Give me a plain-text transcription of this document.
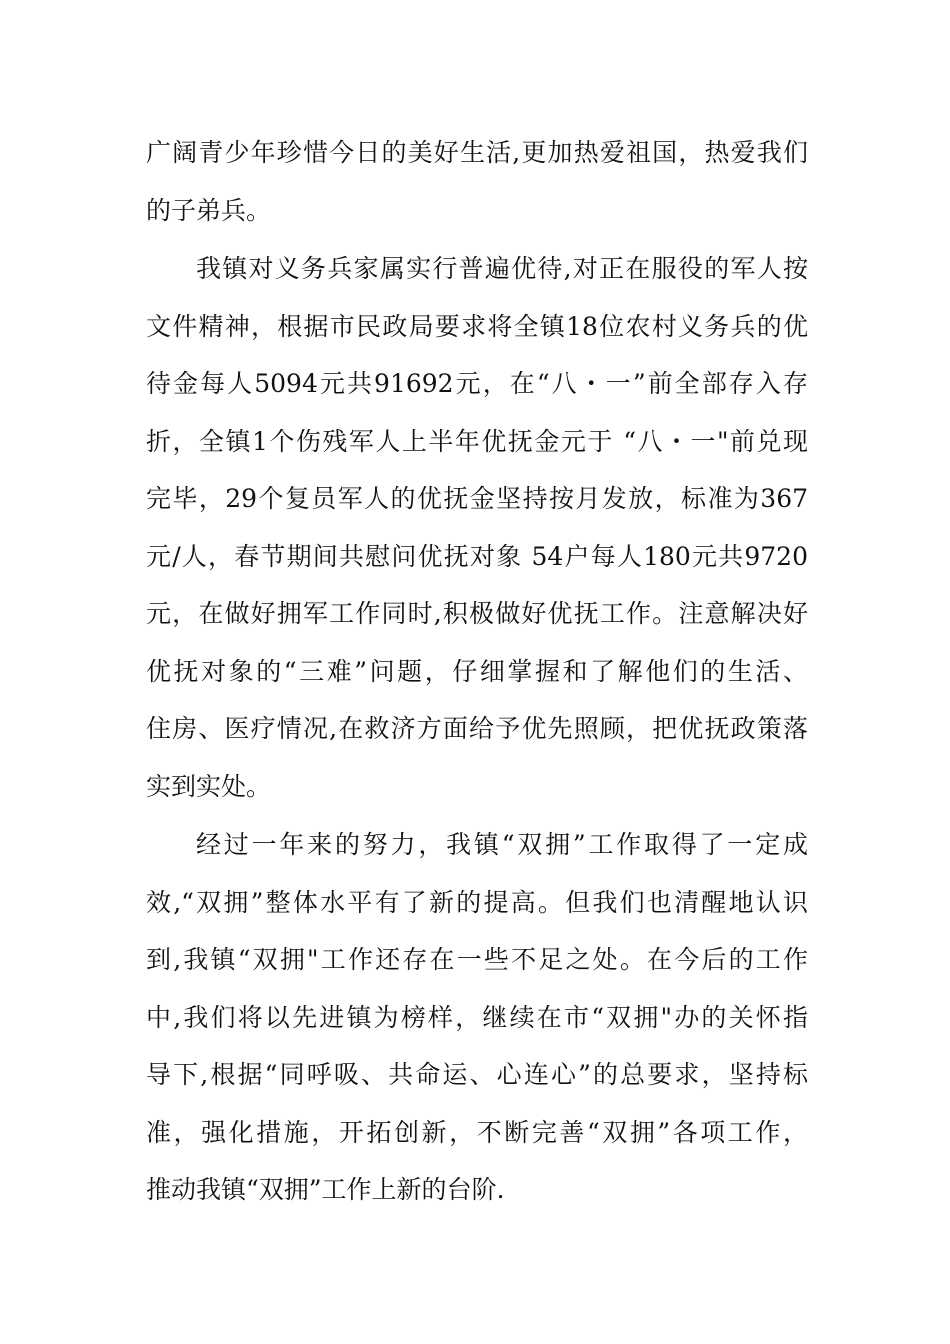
广阔青少年珍惜今日的美好生活,更加热爱祖国，热爱我们
的子弟兵。
我镇对义务兵家属实行普遍优待,对正在服役的军人按
文件精神，根据市民政局要求将全镇18位农村义务兵的优
待金每人5094元共91692元，在“八・一”前全部存入存
折，全镇1个伤残军人上半年优抚金元于 “八・一"前兑现
完毕，29个复员军人的优抚金坚持按月发放，标准为367
元/人，春节期间共慰问优抚对象 54户每人180元共9720
元，在做好拥军工作同时,积极做好优抚工作。注意解决好
优抚对象的“三难”问题，仔细掌握和了解他们的生活、
住房、医疗情况,在救济方面给予优先照顾，把优抚政策落
实到实处。
经过一年来的努力，我镇“双拥”工作取得了一定成
效,“双拥”整体水平有了新的提高。但我们也清醒地认识
到,我镇“双拥"工作还存在一些不足之处。在今后的工作
中,我们将以先进镇为榜样，继续在市“双拥"办的关怀指
导下,根据“同呼吸、共命运、心连心”的总要求，坚持标
准，强化措施，开拓创新，不断完善“双拥”各项工作，
推动我镇“双拥”工作上新的台阶.
